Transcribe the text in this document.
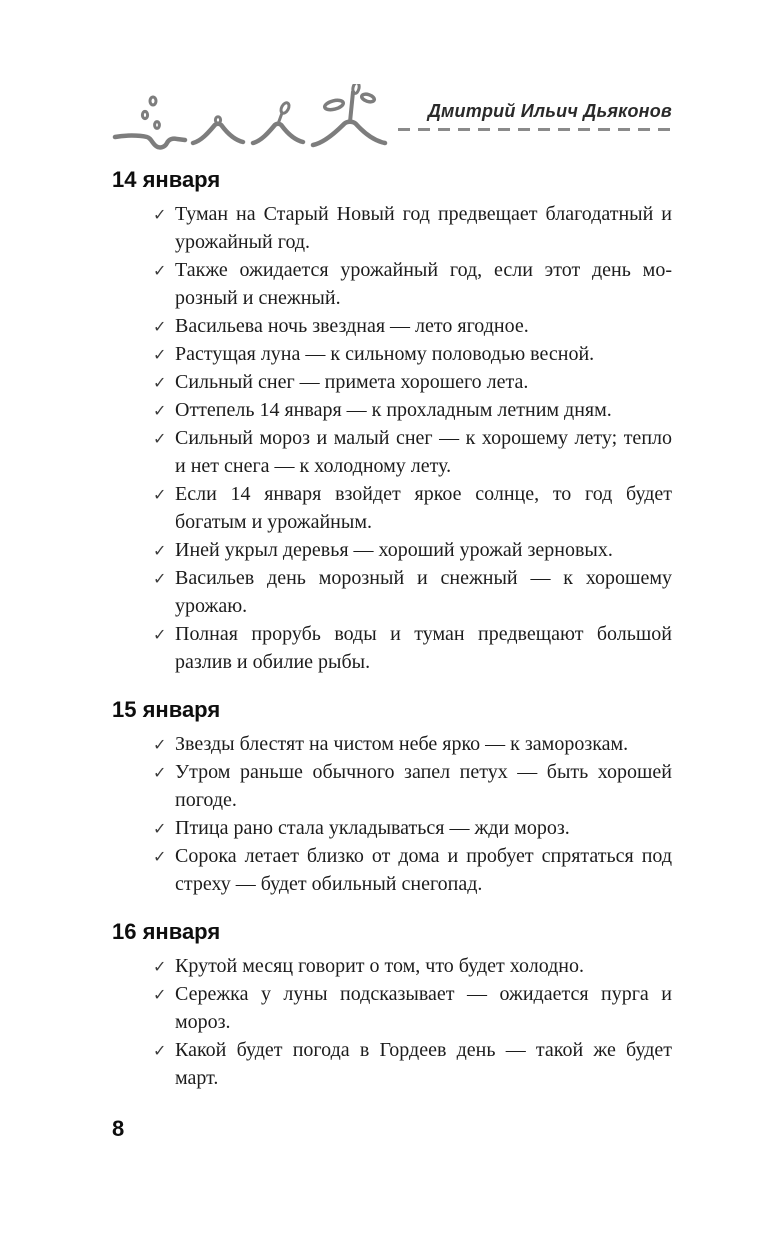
Дмитрий Ильич Дьяконов
14 января
✓ Туман на Старый Новый год предвещает благодатный и урожайный год.
✓ Также ожидается урожайный год, если этот день морозный и снежный.
✓ Васильева ночь звездная — лето ягодное.
✓ Растущая луна — к сильному половодью весной.
✓ Сильный снег — примета хорошего лета.
✓ Оттепель 14 января — к прохладным летним дням.
✓ Сильный мороз и малый снег — к хорошему лету; тепло и нет снега — к холодному лету.
✓ Если 14 января взойдет яркое солнце, то год будет богатым и урожайным.
✓ Иней укрыл деревья — хороший урожай зерновых.
✓ Васильев день морозный и снежный — к хорошему урожаю.
✓ Полная прорубь воды и туман предвещают большой разлив и обилие рыбы.
15 января
✓ Звезды блестят на чистом небе ярко — к заморозкам.
✓ Утром раньше обычного запел петух — быть хорошей погоде.
✓ Птица рано стала укладываться — жди мороз.
✓ Сорока летает близко от дома и пробует спрятаться под стреху — будет обильный снегопад.
16 января
✓ Крутой месяц говорит о том, что будет холодно.
✓ Сережка у луны подсказывает — ожидается пурга и мороз.
✓ Какой будет погода в Гордеев день — такой же будет март.
8
